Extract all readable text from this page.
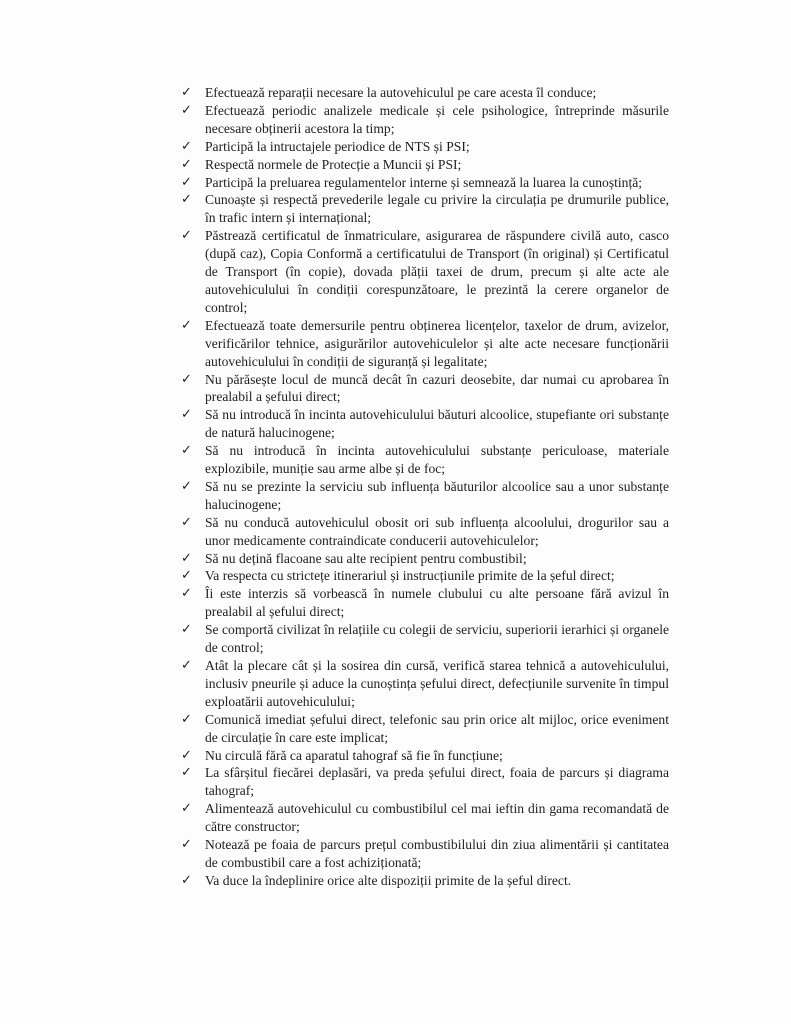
✓ Efectuează reparații necesare la autovehiculul pe care acesta îl conduce;
✓ Efectuează periodic analizele medicale și cele psihologice, întreprinde măsurile necesare obținerii acestora la timp;
✓ Participă la intructajele periodice de NTS și PSI;
✓ Respectă normele de Protecție a Muncii și PSI;
✓ Participă la preluarea regulamentelor interne și semnează la luarea la cunoștință;
✓ Cunoaște și respectă prevederile legale cu privire la circulația pe drumurile publice, în trafic intern și internațional;
✓ Păstrează certificatul de înmatriculare, asigurarea de răspundere civilă auto, casco (după caz), Copia Conformă a certificatului de Transport (în original) și Certificatul de Transport (în copie), dovada plății taxei de drum, precum și alte acte ale autovehiculului în condiții corespunzătoare, le prezintă la cerere organelor de control;
✓ Efectuează toate demersurile pentru obținerea licențelor, taxelor de drum, avizelor, verificărilor tehnice, asigurărilor autovehiculelor și alte acte necesare funcționării autovehiculului în condiții de siguranță și legalitate;
✓ Nu părăsește locul de muncă decât în cazuri deosebite, dar numai cu aprobarea în prealabil a șefului direct;
✓ Să nu introducă în incinta autovehiculului băuturi alcoolice, stupefiante ori substanțe de natură halucinogene;
✓ Să nu introducă în incinta autovehiculului substanțe periculoase, materiale explozibile, muniție sau arme albe și de foc;
✓ Să nu se prezinte la serviciu sub influența băuturilor alcoolice sau a unor substanțe halucinogene;
✓ Să nu conducă autovehiculul obosit ori sub influența alcoolului, drogurilor sau a unor medicamente contraindicate conducerii autovehiculelor;
✓ Să nu dețină flacoane sau alte recipient pentru combustibil;
✓ Va respecta cu strictețe itinerariul și instrucțiunile primite de la șeful direct;
✓ Îi este interzis să vorbească în numele clubului cu alte persoane fără avizul în prealabil al șefului direct;
✓ Se comportă civilizat în relațiile cu colegii de serviciu, superiorii ierarhici și organele de control;
✓ Atât la plecare cât și la sosirea din cursă, verifică starea tehnică a autovehiculului, inclusiv pneurile și aduce la cunoștința șefului direct, defecțiunile survenite în timpul exploatării autovehiculului;
✓ Comunică imediat șefului direct, telefonic sau prin orice alt mijloc, orice eveniment de circulație în care este implicat;
✓ Nu circulă fără ca aparatul tahograf să fie în funcțiune;
✓ La sfârșitul fiecărei deplasări, va preda șefului direct, foaia de parcurs și diagrama tahograf;
✓ Alimentează autovehiculul cu combustibilul cel mai ieftin din gama recomandată de către constructor;
✓ Notează pe foaia de parcurs prețul combustibilului din ziua alimentării și cantitatea de combustibil care a fost achiziționată;
✓ Va duce la îndeplinire orice alte dispoziții primite de la șeful direct.
